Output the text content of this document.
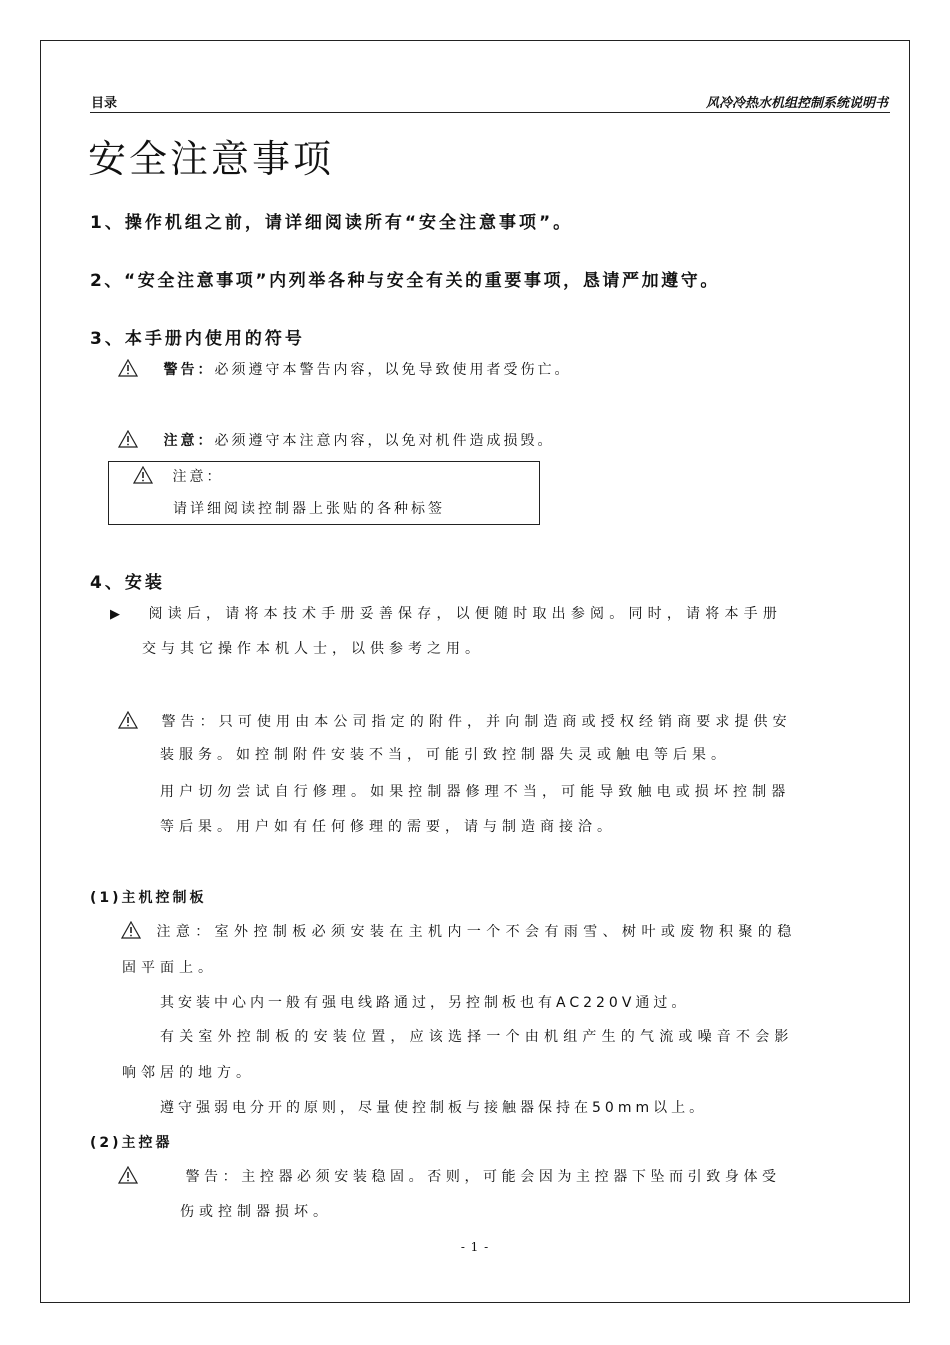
目录	风冷冷热水机组控制系统说明书
安全注意事项
1、操作机组之前，请详细阅读所有“安全注意事项”。
2、“安全注意事项”内列举各种与安全有关的重要事项，恳请严加遵守。
3、本手册内使用的符号
警告：必须遵守本警告内容，以免导致使用者受伤亡。
注意：必须遵守本注意内容，以免对机件造成损毁。
注意：
请详细阅读控制器上张贴的各种标签
4、安装
▶ 阅读后，请将本技术手册妥善保存，以便随时取出参阅。同时，请将本手册
交与其它操作本机人士，以供参考之用。
警告：只可使用由本公司指定的附件，并向制造商或授权经销商要求提供安
装服务。如控制附件安装不当，可能引致控制器失灵或触电等后果。
用户切勿尝试自行修理。如果控制器修理不当，可能导致触电或损坏控制器
等后果。用户如有任何修理的需要，请与制造商接洽。
(1)主机控制板
注意：室外控制板必须安装在主机内一个不会有雨雪、树叶或废物积聚的稳
固平面上。
其安装中心内一般有强电线路通过，另控制板也有AC220V通过。
有关室外控制板的安装位置，应该选择一个由机组产生的气流或噪音不会影
响邻居的地方。
遵守强弱电分开的原则，尽量使控制板与接触器保持在50mm以上。
(2)主控器
警告：主控器必须安装稳固。否则，可能会因为主控器下坠而引致身体受
伤或控制器损坏。
- 1 -
